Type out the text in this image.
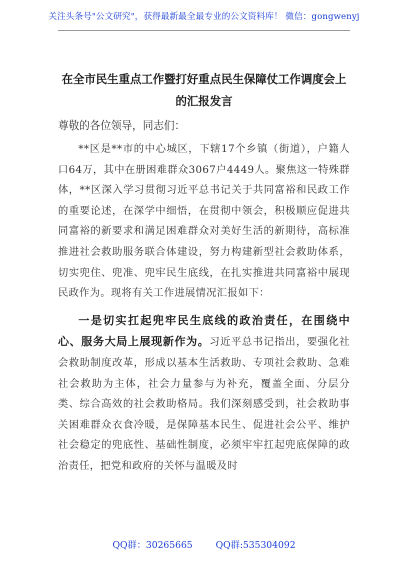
关注头条号"公文研究"，获得最新最全最专业的公文资料库！ 微信：gongwenyj
在全市民生重点工作暨打好重点民生保障仗工作调度会上的汇报发言
尊敬的各位领导，同志们：

**区是**市的中心城区，下辖17个乡镇（街道），户籍人口64万，其中在册困难群众3067户4449人。聚焦这一特殊群体，**区深入学习贯彻习近平总书记关于共同富裕和民政工作的重要论述，在深学中细悟，在贯彻中领会，积极顺应促进共同富裕的新要求和满足困难群众对美好生活的新期待，高标准推进社会救助服务联合体建设，努力构建新型社会救助体系，切实兜住、兜准、兜牢民生底线，在扎实推进共同富裕中展现民政作为。现将有关工作进展情况汇报如下：

一是切实扛起兜牢民生底线的政治责任，在围绕中心、服务大局上展现新作为。习近平总书记指出，要强化社会救助制度改革，形成以基本生活救助、专项社会救助、急难社会救助为主体，社会力量参与为补充，覆盖全面、分层分类、综合高效的社会救助格局。我们深刻感受到，社会救助事关困难群众衣食冷暖，是保障基本民生、促进社会公平、维护社会稳定的兜底性、基础性制度，必须牢牢扛起兜底保障的政治责任，把党和政府的关怀与温暖及时

QQ群：30265665 QQ群:535304092
